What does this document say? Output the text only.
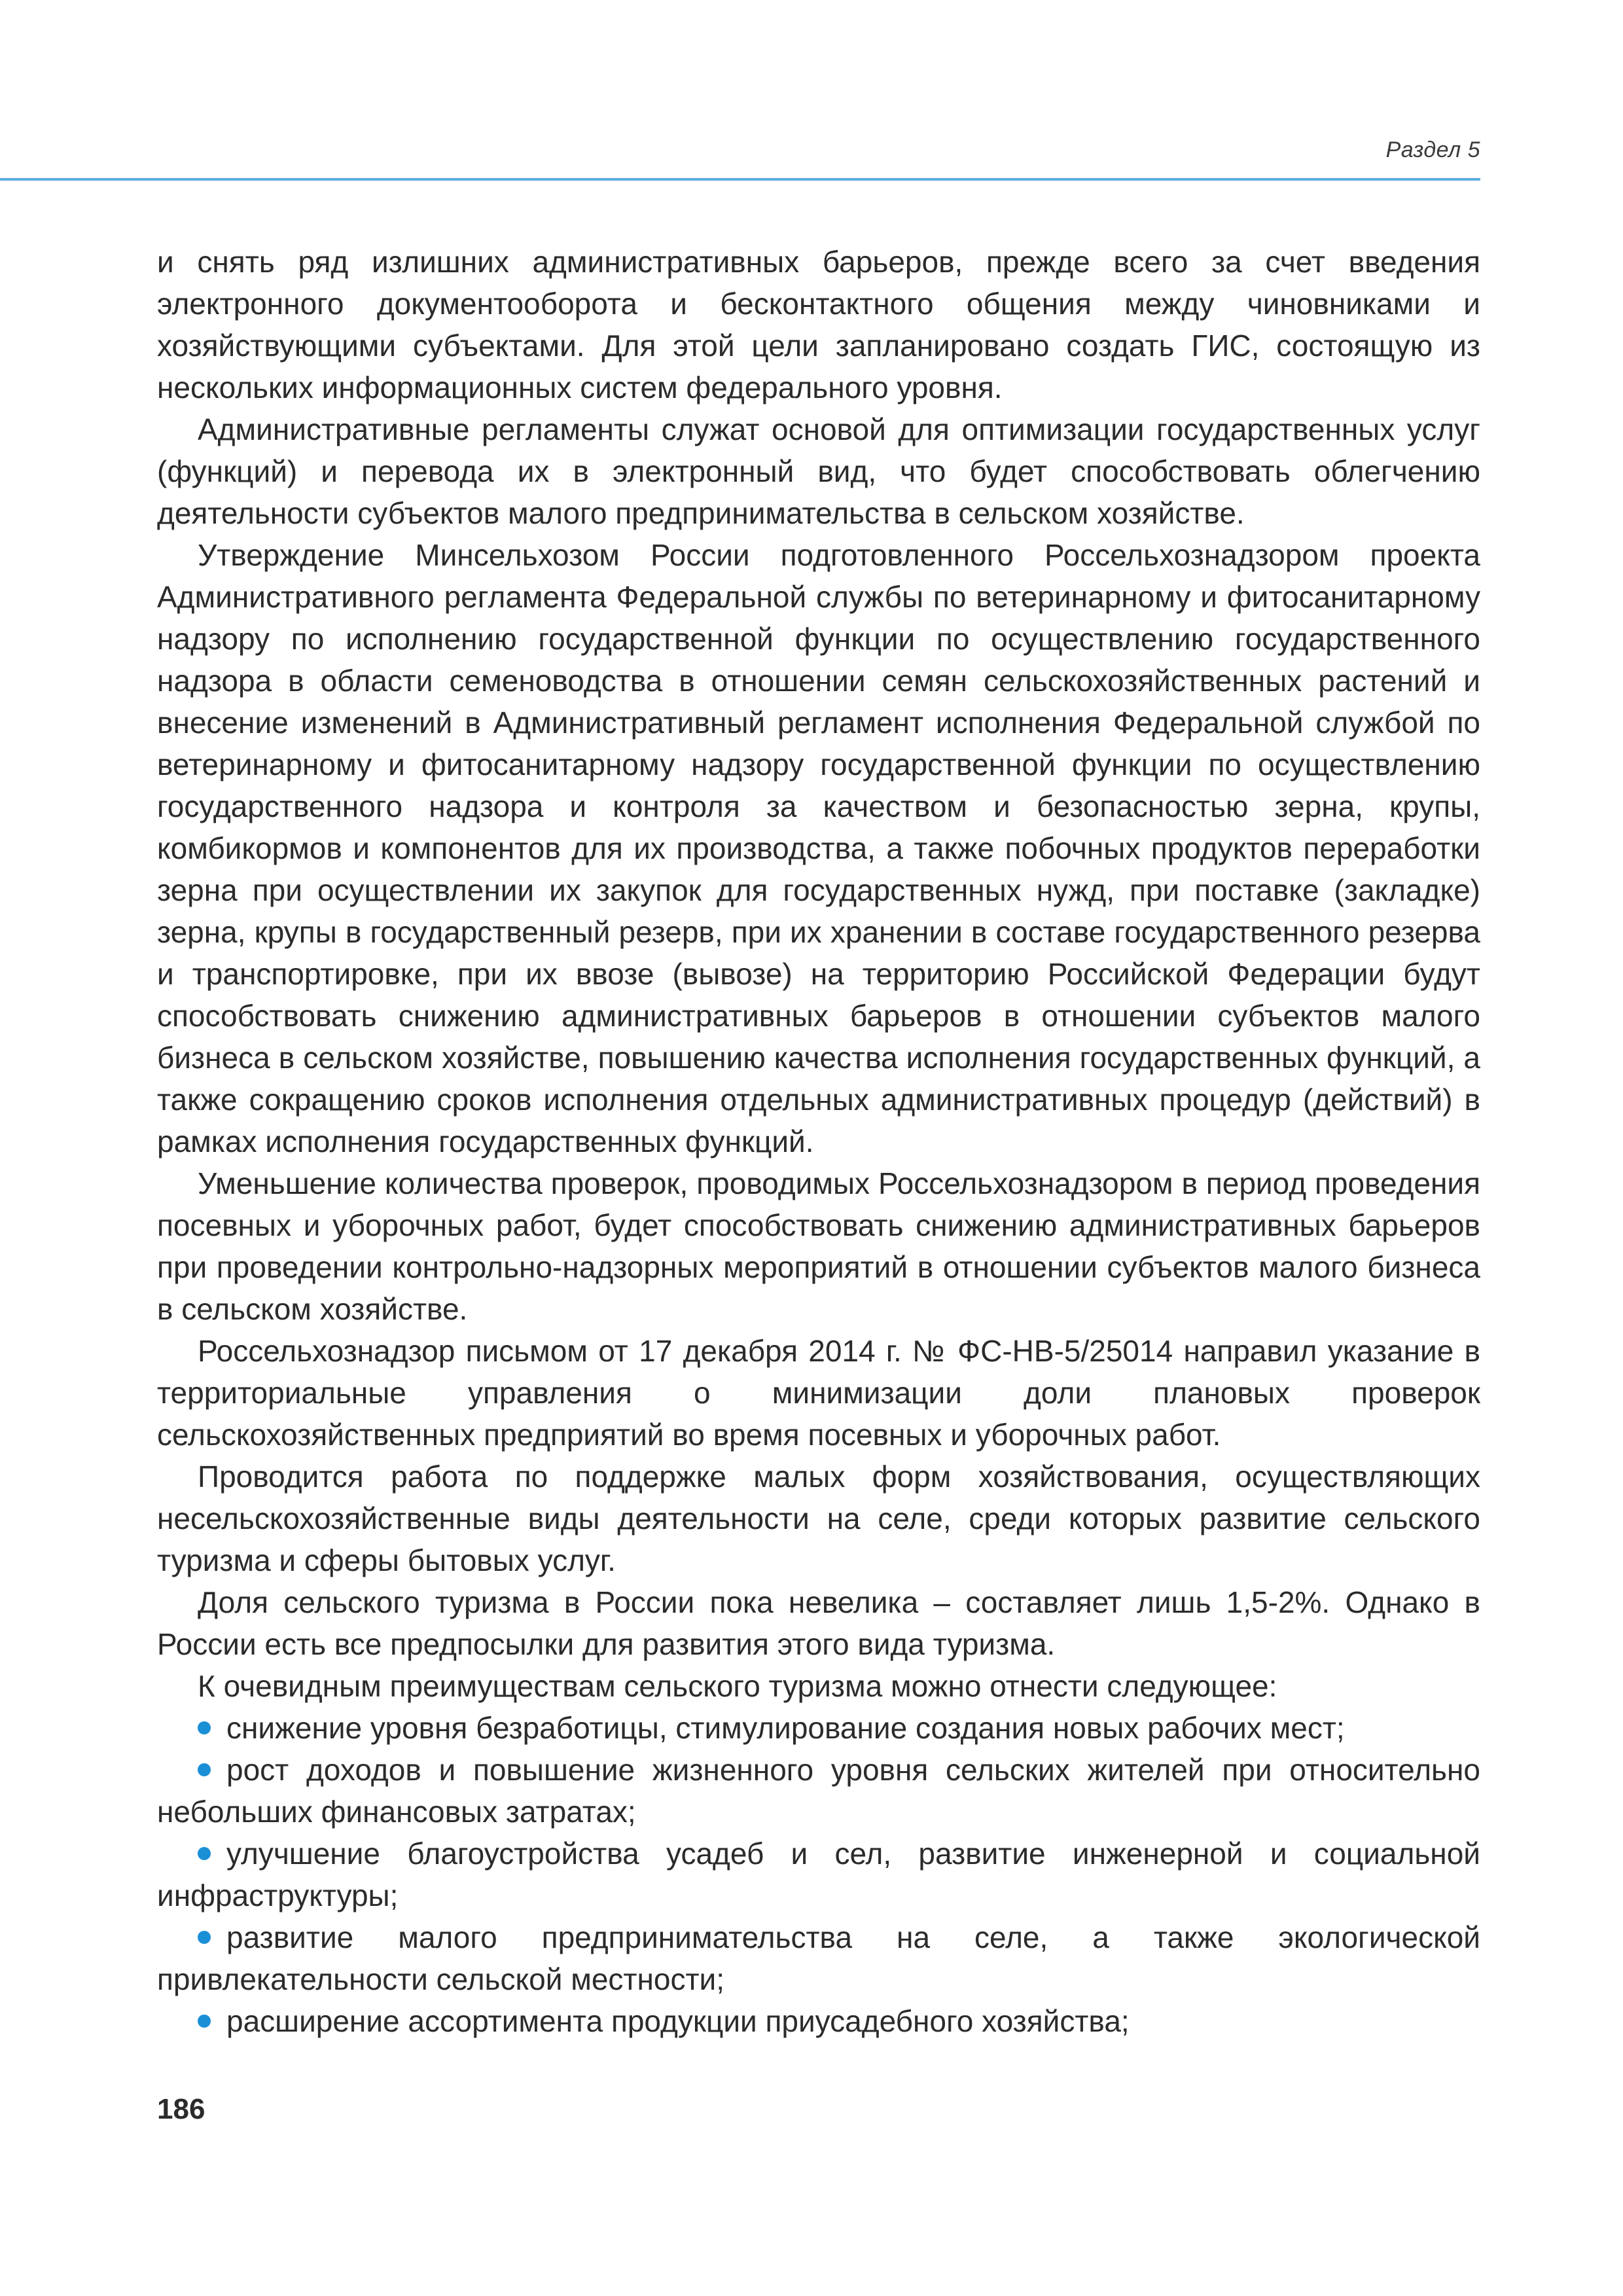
Раздел 5

и снять ряд излишних административных барьеров, прежде всего за счет введения электронного документооборота и бесконтактного общения между чиновниками и хозяйствующими субъектами. Для этой цели запланировано создать ГИС, состоящую из нескольких информационных систем федерального уровня.

Административные регламенты служат основой для оптимизации государственных услуг (функций) и перевода их в электронный вид, что будет способствовать облегчению деятельности субъектов малого предпринимательства в сельском хозяйстве.

Утверждение Минсельхозом России подготовленного Россельхознадзором проекта Административного регламента Федеральной службы по ветеринарному и фитосанитарному надзору по исполнению государственной функции по осуществлению государственного надзора в области семеноводства в отношении семян сельскохозяйственных растений и внесение изменений в Административный регламент исполнения Федеральной службой по ветеринарному и фитосанитарному надзору государственной функции по осуществлению государственного надзора и контроля за качеством и безопасностью зерна, крупы, комбикормов и компонентов для их производства, а также побочных продуктов переработки зерна при осуществлении их закупок для государственных нужд, при поставке (закладке) зерна, крупы в государственный резерв, при их хранении в составе государственного резерва и транспортировке, при их ввозе (вывозе) на территорию Российской Федерации будут способствовать снижению административных барьеров в отношении субъектов малого бизнеса в сельском хозяйстве, повышению качества исполнения государственных функций, а также сокращению сроков исполнения отдельных административных процедур (действий) в рамках исполнения государственных функций.

Уменьшение количества проверок, проводимых Россельхознадзором в период проведения посевных и уборочных работ, будет способствовать снижению административных барьеров при проведении контрольно-надзорных мероприятий в отношении субъектов малого бизнеса в сельском хозяйстве.

Россельхознадзор письмом от 17 декабря 2014 г. № ФС-НВ-5/25014 направил указание в территориальные управления о минимизации доли плановых проверок сельскохозяйственных предприятий во время посевных и уборочных работ.

Проводится работа по поддержке малых форм хозяйствования, осуществляющих несельскохозяйственные виды деятельности на селе, среди которых развитие сельского туризма и сферы бытовых услуг.

Доля сельского туризма в России пока невелика – составляет лишь 1,5-2%. Однако в России есть все предпосылки для развития этого вида туризма.

К очевидным преимуществам сельского туризма можно отнести следующее:

снижение уровня безработицы, стимулирование создания новых рабочих мест;
рост доходов и повышение жизненного уровня сельских жителей при относительно небольших финансовых затратах;
улучшение благоустройства усадеб и сел, развитие инженерной и социальной инфраструктуры;
развитие малого предпринимательства на селе, а также экологической привлекательности сельской местности;
расширение ассортимента продукции приусадебного хозяйства;
186
